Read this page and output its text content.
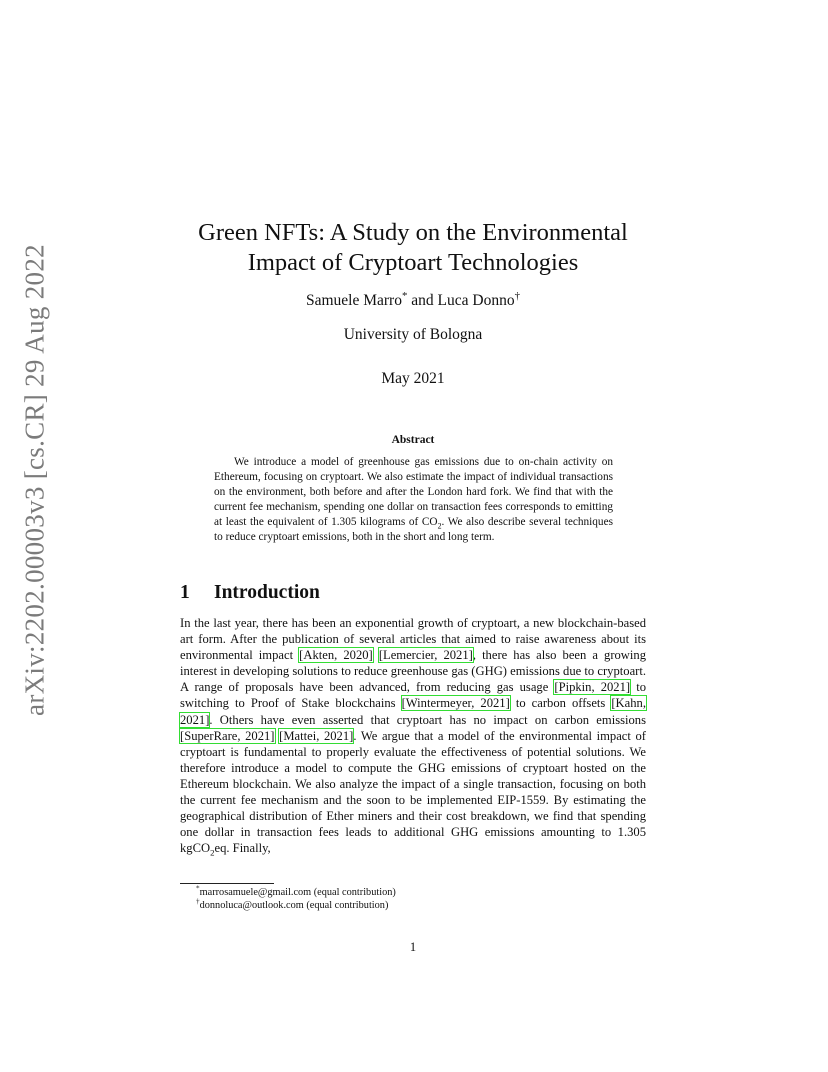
arXiv:2202.00003v3 [cs.CR] 29 Aug 2022
Green NFTs: A Study on the Environmental
Impact of Cryptoart Technologies
Samuele Marro* and Luca Donno†
University of Bologna
May 2021
Abstract

We introduce a model of greenhouse gas emissions due to on-chain activity on Ethereum, focusing on cryptoart. We also estimate the impact of individual transactions on the environment, both before and after the London hard fork. We find that with the current fee mechanism, spending one dollar on transaction fees corresponds to emitting at least the equivalent of 1.305 kilograms of $CO_2$. We also describe several techniques to reduce cryptoart emissions, both in the short and long term.

1 Introduction

In the last year, there has been an exponential growth of cryptoart, a new blockchain-based art form. After the publication of several articles that aimed to raise awareness about its environmental impact [Akten, 2020] [Lemercier, 2021], there has also been a growing interest in developing solutions to reduce greenhouse gas (GHG) emissions due to cryptoart. A range of proposals have been advanced, from reducing gas usage [Pipkin, 2021] to switching to Proof of Stake blockchains [Wintermeyer, 2021] to carbon offsets [Kahn, 2021]. Others have even asserted that cryptoart has no impact on carbon emissions [SuperRare, 2021] [Mattei, 2021]. We argue that a model of the environmental impact of cryptoart is fundamental to properly evaluate the effectiveness of potential solutions. We therefore introduce a model to compute the GHG emissions of cryptoart hosted on the Ethereum blockchain. We also analyze the impact of a single transaction, focusing on both the current fee mechanism and the soon to be implemented EIP-1559. By estimating the geographical distribution of Ether miners and their cost breakdown, we find that spending one dollar in transaction fees leads to additional GHG emissions amounting to 1.305 kgCO$_2$eq. Finally,

*marrosamuele@gmail.com (equal contribution)
†donnoluca@outlook.com (equal contribution)
1
